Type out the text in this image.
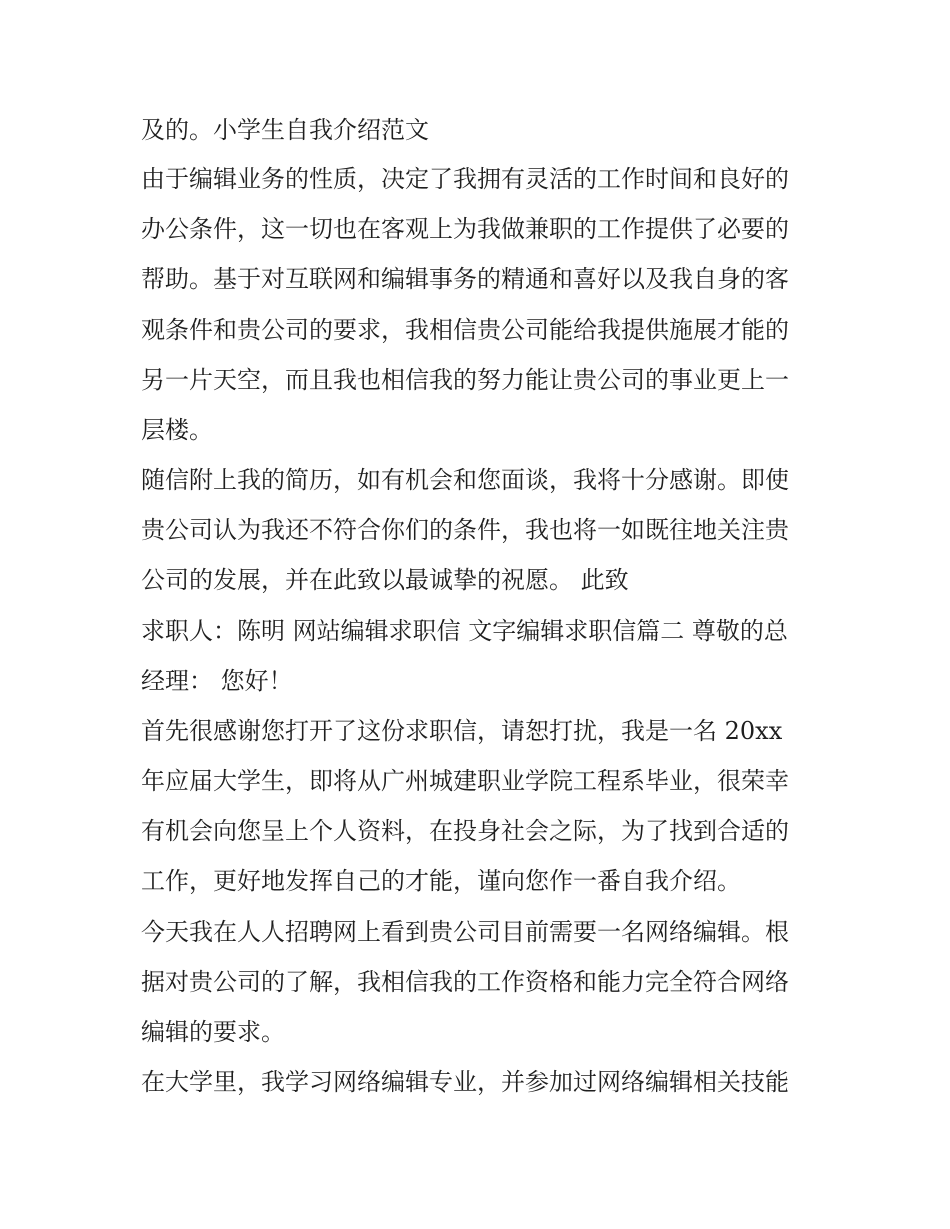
及的。小学生自我介绍范文

由于编辑业务的性质，决定了我拥有灵活的工作时间和良好的

办公条件，这一切也在客观上为我做兼职的工作提供了必要的

帮助。基于对互联网和编辑事务的精通和喜好以及我自身的客

观条件和贵公司的要求，我相信贵公司能给我提供施展才能的

另一片天空，而且我也相信我的努力能让贵公司的事业更上一

层楼。

随信附上我的简历，如有机会和您面谈，我将十分感谢。即使

贵公司认为我还不符合你们的条件，我也将一如既往地关注贵

公司的发展，并在此致以最诚挚的祝愿。 此致

求职人：陈明 网站编辑求职信 文字编辑求职信篇二 尊敬的总

经理： 您好！

首先很感谢您打开了这份求职信，请恕打扰，我是一名 20xx

年应届大学生，即将从广州城建职业学院工程系毕业，很荣幸

有机会向您呈上个人资料，在投身社会之际，为了找到合适的

工作，更好地发挥自己的才能，谨向您作一番自我介绍。

今天我在人人招聘网上看到贵公司目前需要一名网络编辑。根

据对贵公司的了解，我相信我的工作资格和能力完全符合网络

编辑的要求。

在大学里，我学习网络编辑专业，并参加过网络编辑相关技能
